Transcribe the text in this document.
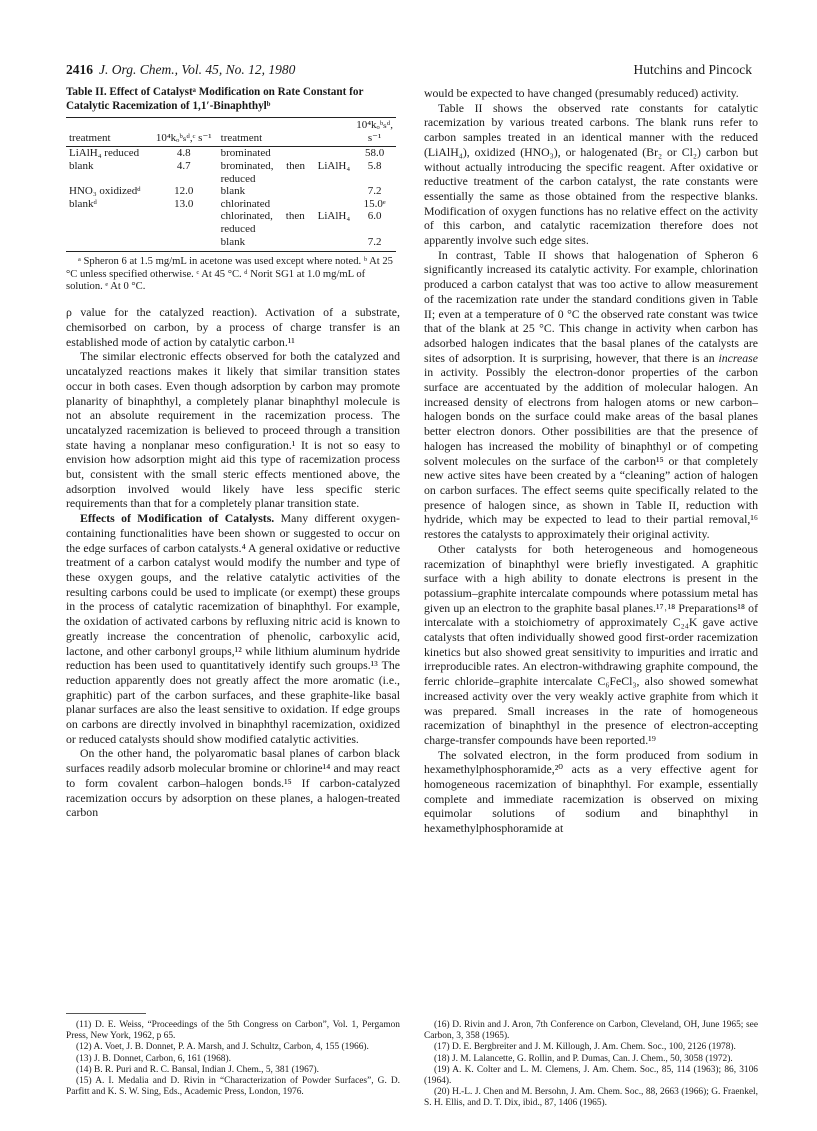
2416 J. Org. Chem., Vol. 45, No. 12, 1980	Hutchins and Pincock
Table II. Effect of Catalystᵃ Modification on Rate Constant for Catalytic Racemization of 1,1′-Binaphthylᵇ
treatment	10⁴kₒᵇₛᵈ,ᶜ s⁻¹	treatment	10⁴kₒᵇₛᵈ, s⁻¹
LiAlH₄ reduced	4.8	brominated	58.0
blank	4.7	brominated, then LiAlH₄ reduced	5.8
HNO₃ oxidizedᵈ	12.0	blank	7.2
blankᵈ	13.0	chlorinated	15.0ᵉ
		chlorinated, then LiAlH₄ reduced	6.0
		blank	7.2
ᵃ Spheron 6 at 1.5 mg/mL in acetone was used except where noted. ᵇ At 25 °C unless specified otherwise. ᶜ At 45 °C. ᵈ Norit SG1 at 1.0 mg/mL of solution. ᵉ At 0 °C.

ρ value for the catalyzed reaction). Activation of a substrate, chemisorbed on carbon, by a process of charge transfer is an established mode of action by catalytic carbon.¹¹

The similar electronic effects observed for both the catalyzed and uncatalyzed reactions makes it likely that similar transition states occur in both cases. Even though adsorption by carbon may promote planarity of binaphthyl, a completely planar binaphthyl molecule is not an absolute requirement in the racemization process. The uncatalyzed racemization is believed to proceed through a transition state having a nonplanar meso configuration.¹ It is not so easy to envision how adsorption might aid this type of racemization process but, consistent with the small steric effects mentioned above, the adsorption involved would likely have less specific steric requirements than that for a completely planar transition state.

Effects of Modification of Catalysts. Many different oxygen-containing functionalities have been shown or suggested to occur on the edge surfaces of carbon catalysts.⁴ A general oxidative or reductive treatment of a carbon catalyst would modify the number and type of these oxygen goups, and the relative catalytic activities of the resulting carbons could be used to implicate (or exempt) these groups in the process of catalytic racemization of binaphthyl. For example, the oxidation of activated carbons by refluxing nitric acid is known to greatly increase the concentration of phenolic, carboxylic acid, lactone, and other carbonyl groups,¹² while lithium aluminum hydride reduction has been used to quantitatively identify such groups.¹³ The reduction apparently does not greatly affect the more aromatic (i.e., graphitic) part of the carbon surfaces, and these graphite-like basal planar surfaces are also the least sensitive to oxidation. If edge groups on carbons are directly involved in binaphthyl racemization, oxidized or reduced catalysts should show modified catalytic activities.

On the other hand, the polyaromatic basal planes of carbon black surfaces readily adsorb molecular bromine or chlorine¹⁴ and may react to form covalent carbon–halogen bonds.¹⁵ If carbon-catalyzed racemization occurs by adsorption on these planes, a halogen-treated carbon

would be expected to have changed (presumably reduced) activity.

Table II shows the observed rate constants for catalytic racemization by various treated carbons. The blank runs refer to carbon samples treated in an identical manner with the reduced (LiAlH₄), oxidized (HNO₃), or halogenated (Br₂ or Cl₂) carbon but without actually introducing the specific reagent. After oxidative or reductive treatment of the carbon catalyst, the rate constants were essentially the same as those obtained from the respective blanks. Modification of oxygen functions has no relative effect on the activity of this carbon, and catalytic racemization therefore does not apparently involve such edge sites.

In contrast, Table II shows that halogenation of Spheron 6 significantly increased its catalytic activity. For example, chlorination produced a carbon catalyst that was too active to allow measurement of the racemization rate under the standard conditions given in Table II; even at a temperature of 0 °C the observed rate constant was twice that of the blank at 25 °C. This change in activity when carbon has adsorbed halogen indicates that the basal planes of the catalysts are sites of adsorption. It is surprising, however, that there is an increase in activity. Possibly the electron-donor properties of the carbon surface are accentuated by the addition of molecular halogen. An increased density of electrons from halogen atoms or new carbon–halogen bonds on the surface could make areas of the basal planes better electron donors. Other possibilities are that the presence of halogen has increased the mobility of binaphthyl or of competing solvent molecules on the surface of the carbon¹⁵ or that completely new active sites have been created by a “cleaning” action of halogen on carbon surfaces. The effect seems quite specifically related to the presence of halogen since, as shown in Table II, reduction with hydride, which may be expected to lead to their partial removal,¹⁶ restores the catalysts to approximately their original activity.

Other catalysts for both heterogeneous and homogeneous racemization of binaphthyl were briefly investigated. A graphitic surface with a high ability to donate electrons is present in the potassium–graphite intercalate compounds where potassium metal has given up an electron to the graphite basal planes.¹⁷˒¹⁸ Preparations¹⁸ of intercalate with a stoichiometry of approximately C₂₄K gave active catalysts that often individually showed good first-order racemization kinetics but also showed great sensitivity to impurities and irratic and irreproducible rates. An electron-withdrawing graphite compound, the ferric chloride–graphite intercalate C₆FeCl₃, also showed somewhat increased activity over the very weakly active graphite from which it was prepared. Small increases in the rate of homogeneous racemization of binaphthyl in the presence of electron-accepting charge-transfer compounds have been reported.¹⁹

The solvated electron, in the form produced from sodium in hexamethylphosphoramide,²⁰ acts as a very effective agent for homogeneous racemization of binaphthyl. For example, essentially complete and immediate racemization is observed on mixing equimolar solutions of sodium and binaphthyl in hexamethylphosphoramide at

(11) D. E. Weiss, “Proceedings of the 5th Congress on Carbon”, Vol. 1, Pergamon Press, New York, 1962, p 65.

(12) A. Voet, J. B. Donnet, P. A. Marsh, and J. Schultz, Carbon, 4, 155 (1966).

(13) J. B. Donnet, Carbon, 6, 161 (1968).

(14) B. R. Puri and R. C. Bansal, Indian J. Chem., 5, 381 (1967).

(15) A. I. Medalia and D. Rivin in “Characterization of Powder Surfaces”, G. D. Parfitt and K. S. W. Sing, Eds., Academic Press, London, 1976.

(16) D. Rivin and J. Aron, 7th Conference on Carbon, Cleveland, OH, June 1965; see Carbon, 3, 358 (1965).

(17) D. E. Bergbreiter and J. M. Killough, J. Am. Chem. Soc., 100, 2126 (1978).

(18) J. M. Lalancette, G. Rollin, and P. Dumas, Can. J. Chem., 50, 3058 (1972).

(19) A. K. Colter and L. M. Clemens, J. Am. Chem. Soc., 85, 114 (1963); 86, 3106 (1964).

(20) H.-L. J. Chen and M. Bersohn, J. Am. Chem. Soc., 88, 2663 (1966); G. Fraenkel, S. H. Ellis, and D. T. Dix, ibid., 87, 1406 (1965).
